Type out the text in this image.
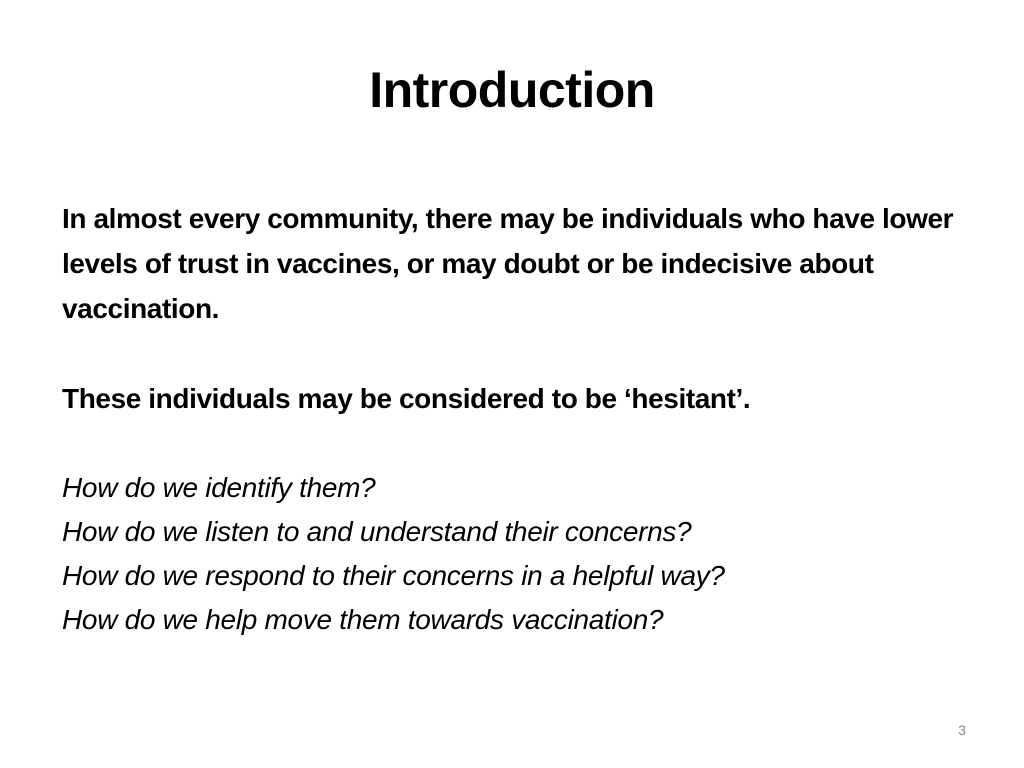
Introduction

In almost every community, there may be individuals who have lower levels of trust in vaccines, or may doubt or be indecisive about vaccination.

These individuals may be considered to be ‘hesitant’.

How do we identify them?

How do we listen to and understand their concerns?

How do we respond to their concerns in a helpful way?

How do we help move them towards vaccination?

3
